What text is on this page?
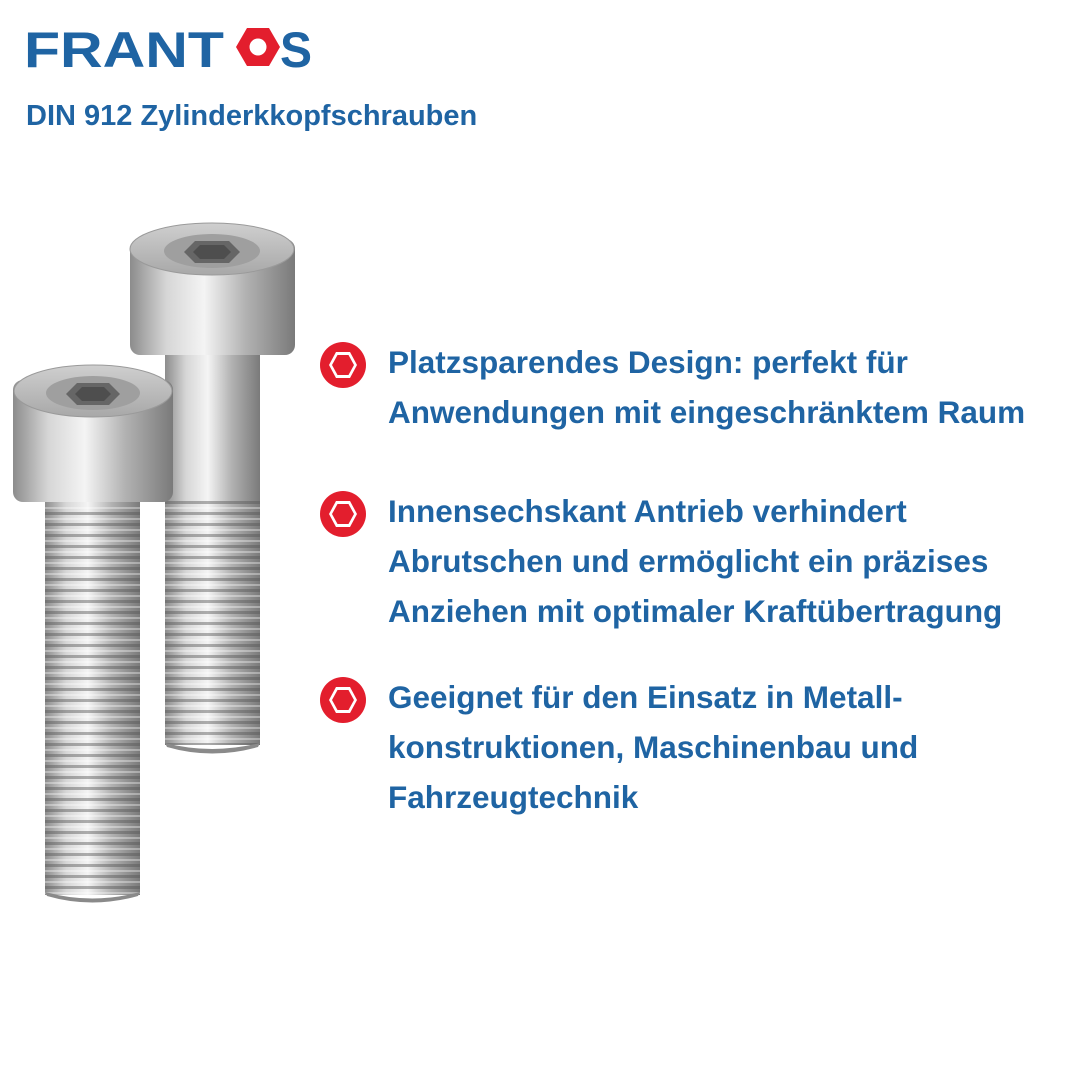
FRANT S
DIN 912 Zylinderkkopfschrauben

Platzsparendes Design: perfekt für
Anwendungen mit eingeschränktem Raum

Innensechskant Antrieb verhindert
Abrutschen und ermöglicht ein präzises
Anziehen mit optimaler Kraftübertragung

Geeignet für den Einsatz in Metall-
konstruktionen, Maschinenbau und
Fahrzeugtechnik
